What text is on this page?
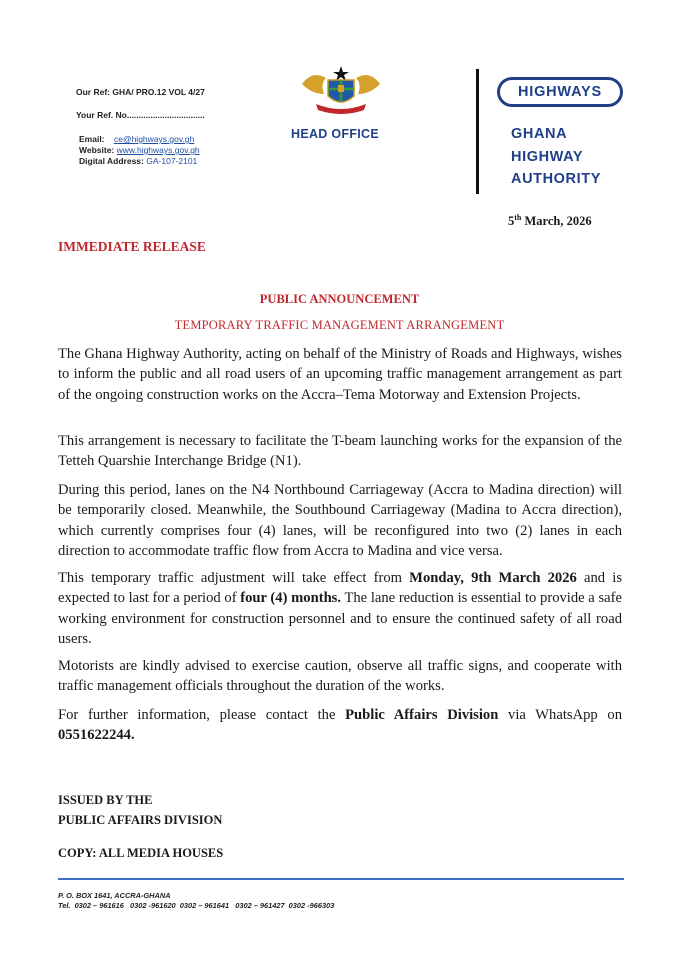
Our Ref: GHA/ PRO.12 VOL 4/27
Your Ref. No.................................
Email: ce@highways.gov.gh
Website: www.highways.gov.gh
Digital Address: GA-107-2101
HEAD OFFICE
HIGHWAYS
GHANA
HIGHWAY
AUTHORITY
5th March, 2026
IMMEDIATE RELEASE
PUBLIC ANNOUNCEMENT
TEMPORARY TRAFFIC MANAGEMENT ARRANGEMENT

The Ghana Highway Authority, acting on behalf of the Ministry of Roads and Highways, wishes to inform the public and all road users of an upcoming traffic management arrangement as part of the ongoing construction works on the Accra–Tema Motorway and Extension Projects.

This arrangement is necessary to facilitate the T-beam launching works for the expansion of the Tetteh Quarshie Interchange Bridge (N1).

During this period, lanes on the N4 Northbound Carriageway (Accra to Madina direction) will be temporarily closed. Meanwhile, the Southbound Carriageway (Madina to Accra direction), which currently comprises four (4) lanes, will be reconfigured into two (2) lanes in each direction to accommodate traffic flow from Accra to Madina and vice versa.

This temporary traffic adjustment will take effect from Monday, 9th March 2026 and is expected to last for a period of four (4) months. The lane reduction is essential to provide a safe working environment for construction personnel and to ensure the continued safety of all road users.

Motorists are kindly advised to exercise caution, observe all traffic signs, and cooperate with traffic management officials throughout the duration of the works.

For further information, please contact the Public Affairs Division via WhatsApp on 0551622244.

ISSUED BY THE
PUBLIC AFFAIRS DIVISION
COPY: ALL MEDIA HOUSES
P. O. BOX 1641, ACCRA-GHANA
Tel.  0302 – 961616   0302 -961620  0302 – 961641   0302 – 961427  0302 -966303
